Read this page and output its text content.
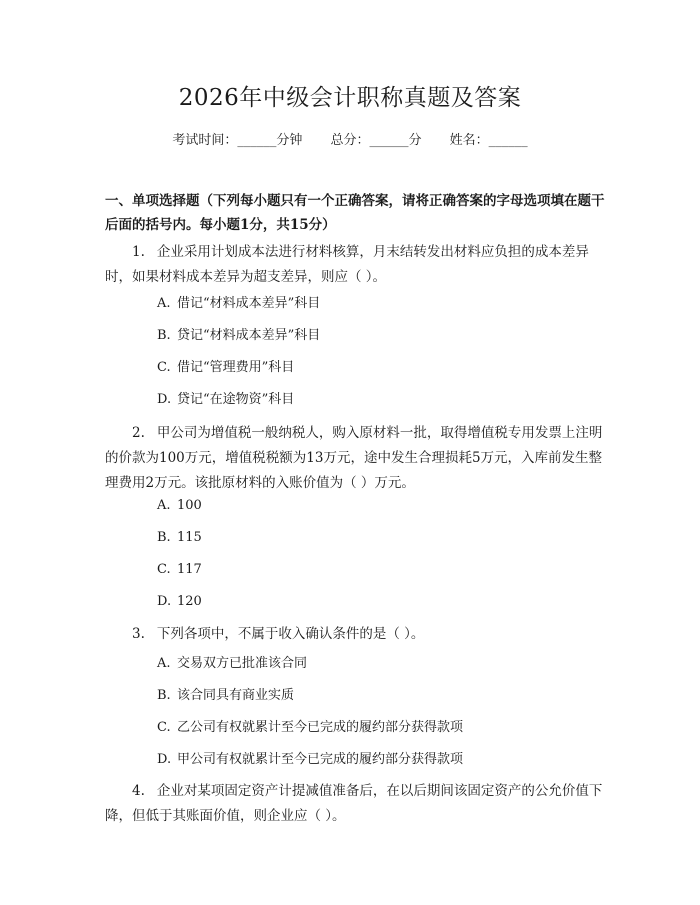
2026年中级会计职称真题及答案
考试时间：______分钟 总分：______分 姓名：______
一、单项选择题（下列每小题只有一个正确答案，请将正确答案的字母选项填在题干后面的括号内。每小题1分，共15分）
1. 企业采用计划成本法进行材料核算，月末结转发出材料应负担的成本差异时，如果材料成本差异为超支差异，则应（ ）。
A. 借记“材料成本差异”科目
B. 贷记“材料成本差异”科目
C. 借记“管理费用”科目
D. 贷记“在途物资”科目
2. 甲公司为增值税一般纳税人，购入原材料一批，取得增值税专用发票上注明的价款为100万元，增值税税额为13万元，途中发生合理损耗5万元，入库前发生整理费用2万元。该批原材料的入账价值为（ ）万元。
A. 100
B. 115
C. 117
D. 120
3. 下列各项中，不属于收入确认条件的是（ ）。
A. 交易双方已批准该合同
B. 该合同具有商业实质
C. 乙公司有权就累计至今已完成的履约部分获得款项
D. 甲公司有权就累计至今已完成的履约部分获得款项
4. 企业对某项固定资产计提减值准备后，在以后期间该固定资产的公允价值下降，但低于其账面价值，则企业应（ ）。
